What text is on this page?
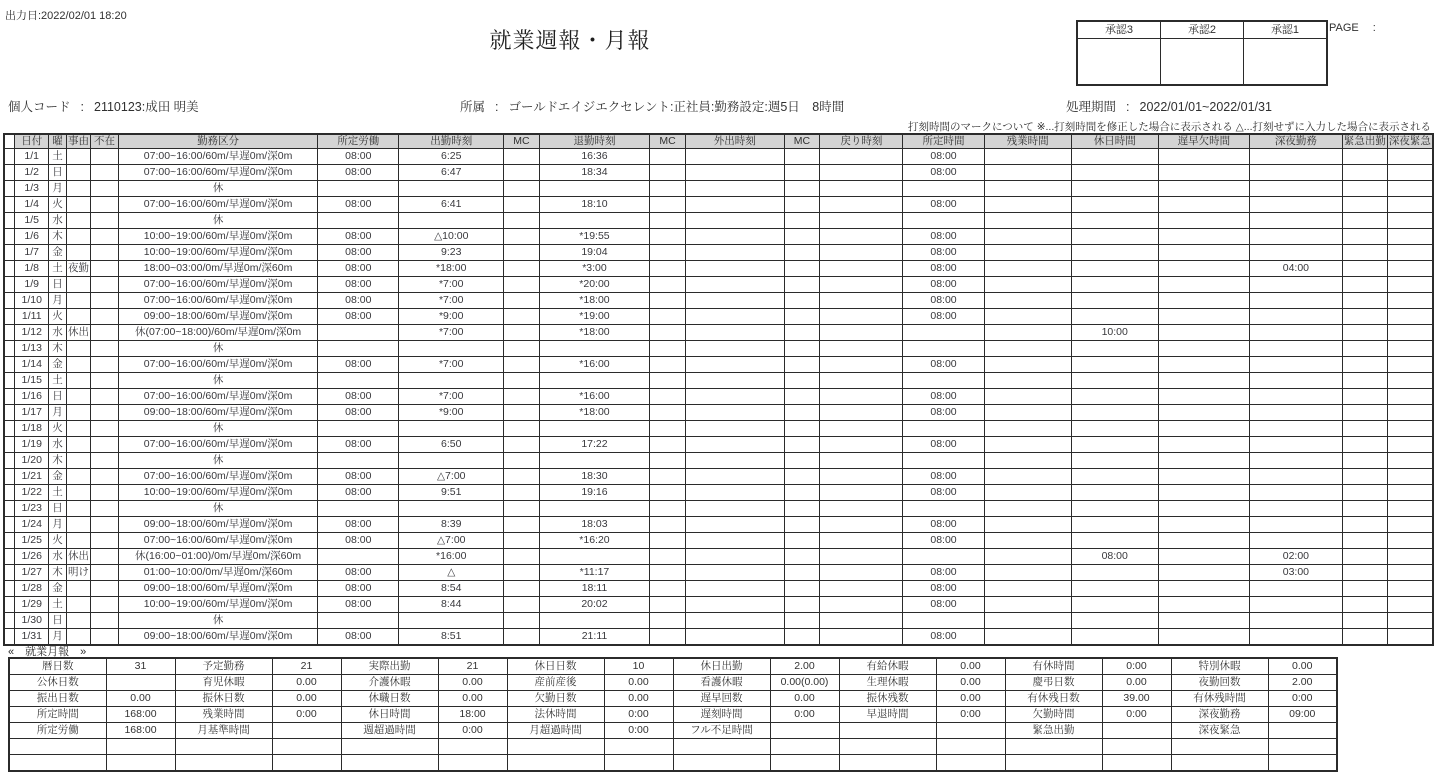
出力日:2022/02/01 18:20
就業週報・月報	承認3	承認2	承認1
			PAGE :
個人コード : 2110123:成田 明美	所属 : ゴールドエイジエクセレント:正社員:勤務設定:週5日　8時間	処理期間 : 2022/01/01~2022/01/31
打刻時間のマークについて ※...打刻時間を修正した場合に表示される △...打刻せずに入力した場合に表示される
	日付	曜	事由	不在	勤務区分	所定労働	出勤時刻	MC	退勤時刻	MC	外出時刻	MC	戻り時刻	所定時間	残業時間	休日時間	遅早欠時間	深夜勤務	緊急出勤	深夜緊急
	1/1	土			07:00~16:00/60m/早遅0m/深0m	08:00	6:25		16:36					08:00						
	1/2	日			07:00~16:00/60m/早遅0m/深0m	08:00	6:47		18:34					08:00						
	1/3	月			休															
	1/4	火			07:00~16:00/60m/早遅0m/深0m	08:00	6:41		18:10					08:00						
	1/5	水			休															
	1/6	木			10:00~19:00/60m/早遅0m/深0m	08:00	△10:00		*19:55					08:00						
	1/7	金			10:00~19:00/60m/早遅0m/深0m	08:00	9:23		19:04					08:00						
	1/8	土	夜勤		18:00~03:00/0m/早遅0m/深60m	08:00	*18:00		*3:00					08:00				04:00		
	1/9	日			07:00~16:00/60m/早遅0m/深0m	08:00	*7:00		*20:00					08:00						
	1/10	月			07:00~16:00/60m/早遅0m/深0m	08:00	*7:00		*18:00					08:00						
	1/11	火			09:00~18:00/60m/早遅0m/深0m	08:00	*9:00		*19:00					08:00						
	1/12	水	休出		休(07:00~18:00)/60m/早遅0m/深0m		*7:00		*18:00							10:00				
	1/13	木			休															
	1/14	金			07:00~16:00/60m/早遅0m/深0m	08:00	*7:00		*16:00					08:00						
	1/15	土			休															
	1/16	日			07:00~16:00/60m/早遅0m/深0m	08:00	*7:00		*16:00					08:00						
	1/17	月			09:00~18:00/60m/早遅0m/深0m	08:00	*9:00		*18:00					08:00						
	1/18	火			休															
	1/19	水			07:00~16:00/60m/早遅0m/深0m	08:00	6:50		17:22					08:00						
	1/20	木			休															
	1/21	金			07:00~16:00/60m/早遅0m/深0m	08:00	△7:00		18:30					08:00						
	1/22	土			10:00~19:00/60m/早遅0m/深0m	08:00	9:51		19:16					08:00						
	1/23	日			休															
	1/24	月			09:00~18:00/60m/早遅0m/深0m	08:00	8:39		18:03					08:00						
	1/25	火			07:00~16:00/60m/早遅0m/深0m	08:00	△7:00		*16:20					08:00						
	1/26	水	休出		休(16:00~01:00)/0m/早遅0m/深60m		*16:00									08:00		02:00		
	1/27	木	明け		01:00~10:00/0m/早遅0m/深60m	08:00	△		*11:17					08:00				03:00		
	1/28	金			09:00~18:00/60m/早遅0m/深0m	08:00	8:54		18:11					08:00						
	1/29	土			10:00~19:00/60m/早遅0m/深0m	08:00	8:44		20:02					08:00						
	1/30	日			休															
	1/31	月			09:00~18:00/60m/早遅0m/深0m	08:00	8:51		21:11					08:00						
«　就業月報　»
暦日数	31	予定勤務	21	実際出勤	21	休日日数	10	休日出勤	2.00	有給休暇	0.00	有休時間	0:00	特別休暇	0.00
公休日数		育児休暇	0.00	介護休暇	0.00	産前産後	0.00	看護休暇	0.00(0.00)	生理休暇	0.00	慶弔日数	0.00	夜勤回数	2.00
振出日数	0.00	振休日数	0.00	休職日数	0.00	欠勤日数	0.00	遅早回数	0.00	振休残数	0.00	有休残日数	39.00	有休残時間	0:00
所定時間	168:00	残業時間	0:00	休日時間	18:00	法休時間	0:00	遅刻時間	0:00	早退時間	0:00	欠勤時間	0:00	深夜勤務	09:00
所定労働	168:00	月基準時間		週超過時間	0:00	月超過時間	0:00	フル不足時間				緊急出勤		深夜緊急	
